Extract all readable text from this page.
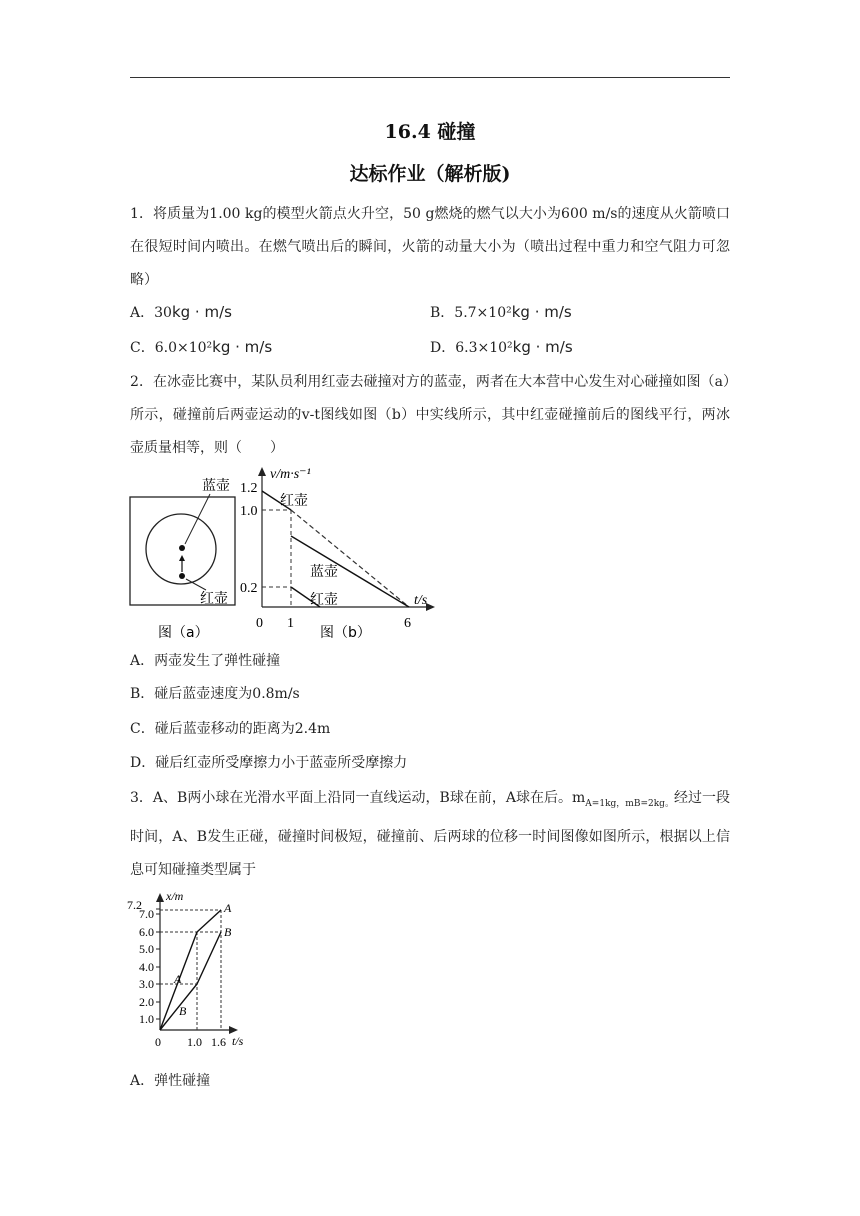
16.4 碰撞
达标作业（解析版)

1．将质量为1.00 kg的模型火箭点火升空，50 g燃烧的燃气以大小为600 m/s的速度从火箭喷口在很短时间内喷出。在燃气喷出后的瞬间，火箭的动量大小为（喷出过程中重力和空气阻力可忽略）

A．30kg · m/s	B．5.7×10²kg · m/s
C．6.0×10²kg · m/s	D．6.3×10²kg · m/s

2．在冰壶比赛中，某队员利用红壶去碰撞对方的蓝壶，两者在大本营中心发生对心碰撞如图（a）所示，碰撞前后两壶运动的v-t图线如图（b）中实线所示，其中红壶碰撞前后的图线平行，两冰壶质量相等，则（　　）

蓝壶
红壶
图（a）
v/m·s⁻¹
t/s
1.2
1.0
0.2
0 1	6
红壶
蓝壶
红壶
图（b）

A．两壶发生了弹性碰撞

B．碰后蓝壶速度为0.8m/s

C．碰后蓝壶移动的距离为2.4m

D．碰后红壶所受摩擦力小于蓝壶所受摩擦力

3．A、B两小球在光滑水平面上沿同一直线运动，B球在前，A球在后。$m_{A=1kg,mB=2kg。}$经过一段时间，A、B发生正碰，碰撞时间极短，碰撞前、后两球的位移一时间图像如图所示，根据以上信息可知碰撞类型属于

x/m
t/s
7.2
7.0
6.0
5.0
4.0
3.0
2.0
1.0
0 1.0 1.6
A
B
A
B

A．弹性碰撞
